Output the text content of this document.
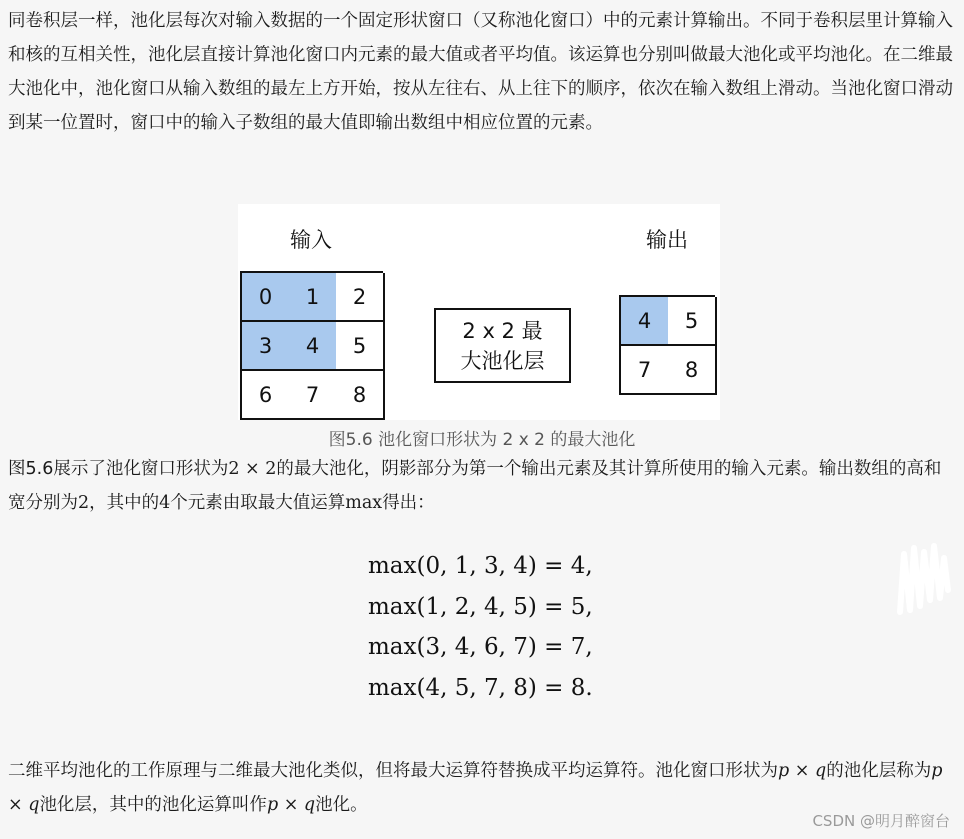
同卷积层一样，池化层每次对输入数据的一个固定形状窗口（又称池化窗口）中的元素计算输出。不同于卷积层里计算输入和核的互相关性，池化层直接计算池化窗口内元素的最大值或者平均值。该运算也分别叫做最大池化或平均池化。在二维最大池化中，池化窗口从输入数组的最左上方开始，按从左往右、从上往下的顺序，依次在输入数组上滑动。当池化窗口滑动到某一位置时，窗口中的输入子数组的最大值即输出数组中相应位置的元素。

输入	输出
0	1	2
3	4	5
6	7	8
2 x 2 最
大池化层
4	5
7	8
图5.6 池化窗口形状为 2 x 2 的最大池化

图5.6展示了池化窗口形状为2 × 2的最大池化，阴影部分为第一个输出元素及其计算所使用的输入元素。输出数组的高和宽分别为2，其中的4个元素由取最大值运算max得出：

max(0, 1, 3, 4) = 4,
max(1, 2, 4, 5) = 5,
max(3, 4, 6, 7) = 7,
max(4, 5, 7, 8) = 8.

二维平均池化的工作原理与二维最大池化类似，但将最大运算符替换成平均运算符。池化窗口形状为p × q的池化层称为p × q池化层，其中的池化运算叫作p × q池化。

CSDN @明月醉窗台
